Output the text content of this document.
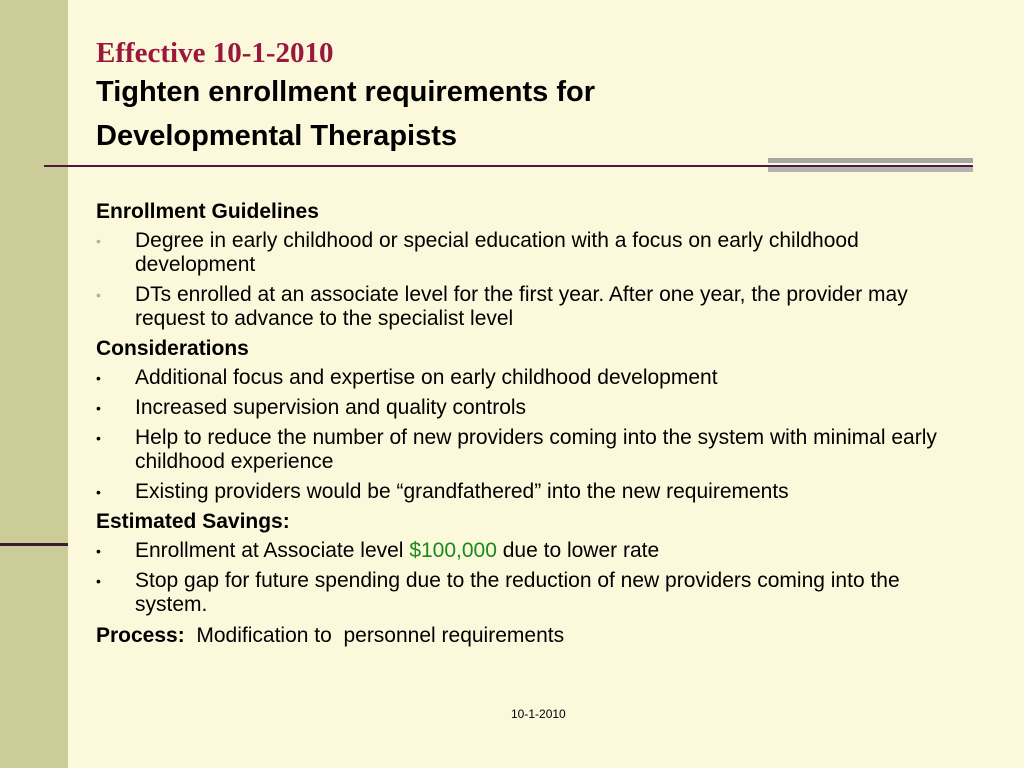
Effective 10-1-2010
Tighten enrollment requirements for
Developmental Therapists
Enrollment Guidelines
•	Degree in early childhood or special education with a focus on early childhood development
•	DTs enrolled at an associate level for the first year. After one year, the provider may request to advance to the specialist level
Considerations
•	Additional focus and expertise on early childhood development
•	Increased supervision and quality controls
•	Help to reduce the number of new providers coming into the system with minimal early childhood experience
•	Existing providers would be “grandfathered” into the new requirements
Estimated Savings:
•	Enrollment at Associate level $100,000 due to lower rate
•	Stop gap for future spending due to the reduction of new providers coming into the system.
Process:  Modification to  personnel requirements
10-1-2010
